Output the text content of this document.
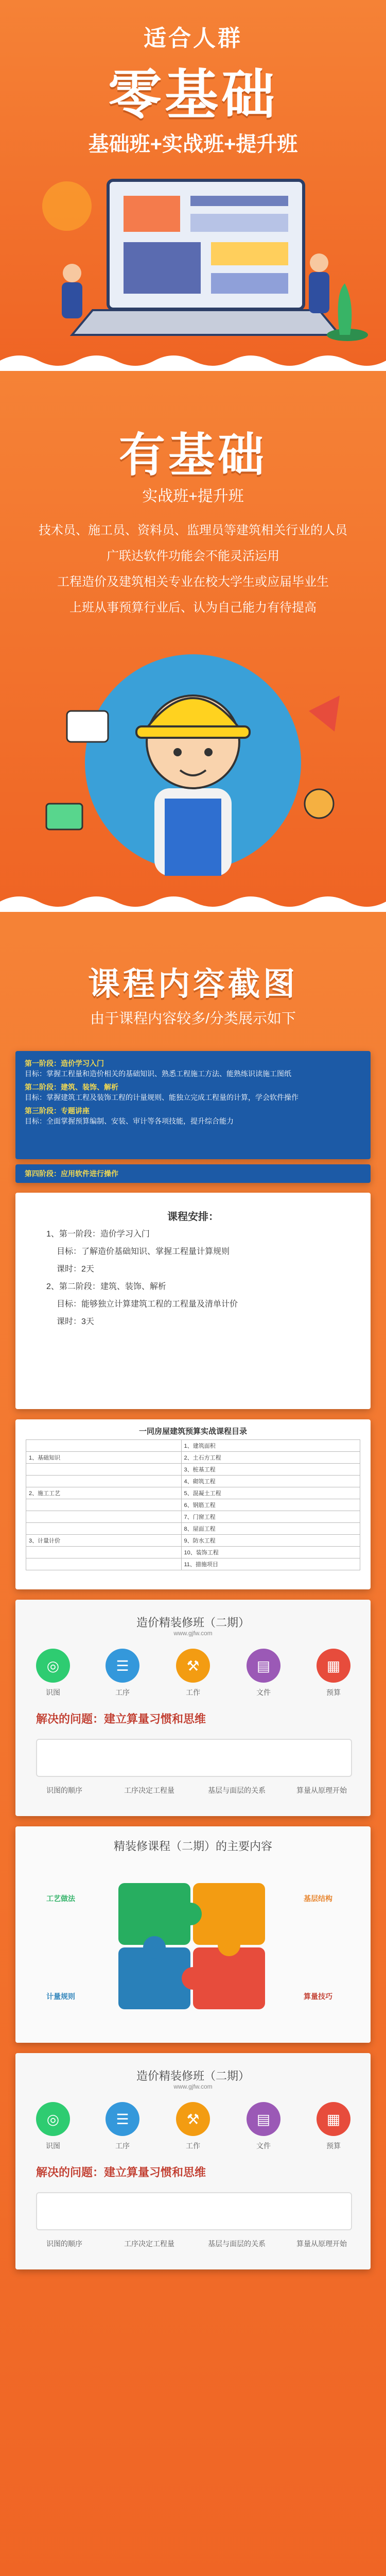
适合人群
零基础
基础班+实战班+提升班
有基础
实战班+提升班
技术员、施工员、资料员、监理员等建筑相关行业的人员
广联达软件功能会不能灵活运用
工程造价及建筑相关专业在校大学生或应届毕业生
上班从事预算行业后、认为自己能力有待提高
课程内容截图
由于课程内容较多/分类展示如下
第一阶段：造价学习入门
目标：掌握工程量和造价相关的基础知识、熟悉工程施工方法、能熟练识读施工图纸
第二阶段：建筑、装饰、解析
目标：掌握建筑工程及装饰工程的计量规则、能独立完成工程量的计算，学会软件操作
第三阶段：专题讲座
目标：全面掌握预算编制、安装、审计等各项技能，提升综合能力
第四阶段：应用软件进行操作
课程安排：
1、第一阶段：造价学习入门
目标：了解造价基础知识、掌握工程量计算规则
课时：2天
2、第二阶段：建筑、装饰、解析
目标：能够独立计算建筑工程的工程量及清单计价
课时：3天
一同房屋建筑预算实战课程目录
	1、建筑面积
1、基础知识	2、土石方工程
	3、桩基工程
	4、砌筑工程
2、施工工艺	5、混凝土工程
	6、钢筋工程
	7、门窗工程
	8、屋面工程
3、计量计价	9、防水工程
	10、装饰工程
	11、措施项目
造价精装修班（二期）
www.gjfw.com
◎	☰	⚒	▤	▦
识图	工序	工作	文件	预算
解决的问题：建立算量习惯和思维
识图的顺序	工序决定工程量	基层与面层的关系	算量从原理开始
精装修课程（二期）的主要内容
工艺做法	基层结构
计量规则	算量技巧
造价精装修班（二期）
www.gjfw.com
◎	☰	⚒	▤	▦
识图	工序	工作	文件	预算
解决的问题：建立算量习惯和思维
识图的顺序	工序决定工程量	基层与面层的关系	算量从原理开始
